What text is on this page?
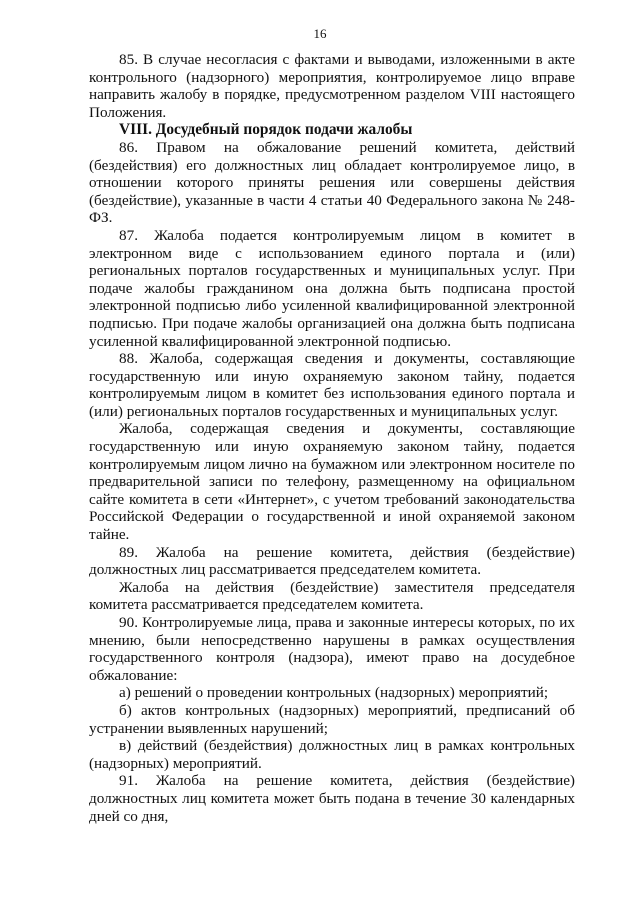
16

85. В случае несогласия с фактами и выводами, изложенными в акте контрольного (надзорного) мероприятия, контролируемое лицо вправе направить жалобу в порядке, предусмотренном разделом VIII настоящего Положения.

VIII. Досудебный порядок подачи жалобы

86. Правом на обжалование решений комитета, действий (бездействия) его должностных лиц обладает контролируемое лицо, в отношении которого приняты решения или совершены действия (бездействие), указанные в части 4 статьи 40 Федерального закона № 248-ФЗ.

87. Жалоба подается контролируемым лицом в комитет в электронном виде с использованием единого портала и (или) региональных порталов государственных и муниципальных услуг. При подаче жалобы гражданином она должна быть подписана простой электронной подписью либо усиленной квалифицированной электронной подписью. При подаче жалобы организацией она должна быть подписана усиленной квалифицированной электронной подписью.

88. Жалоба, содержащая сведения и документы, составляющие государственную или иную охраняемую законом тайну, подается контролируемым лицом в комитет без использования единого портала и (или) региональных порталов государственных и муниципальных услуг.

Жалоба, содержащая сведения и документы, составляющие государственную или иную охраняемую законом тайну, подается контролируемым лицом лично на бумажном или электронном носителе по предварительной записи по телефону, размещенному на официальном сайте комитета в сети «Интернет», с учетом требований законодательства Российской Федерации о государственной и иной охраняемой законом тайне.

89. Жалоба на решение комитета, действия (бездействие) должностных лиц рассматривается председателем комитета.

Жалоба на действия (бездействие) заместителя председателя комитета рассматривается председателем комитета.

90. Контролируемые лица, права и законные интересы которых, по их мнению, были непосредственно нарушены в рамках осуществления государственного контроля (надзора), имеют право на досудебное обжалование:

а) решений о проведении контрольных (надзорных) мероприятий;

б) актов контрольных (надзорных) мероприятий, предписаний об устранении выявленных нарушений;

в) действий (бездействия) должностных лиц в рамках контрольных (надзорных) мероприятий.

91. Жалоба на решение комитета, действия (бездействие) должностных лиц комитета может быть подана в течение 30 календарных дней со дня,
